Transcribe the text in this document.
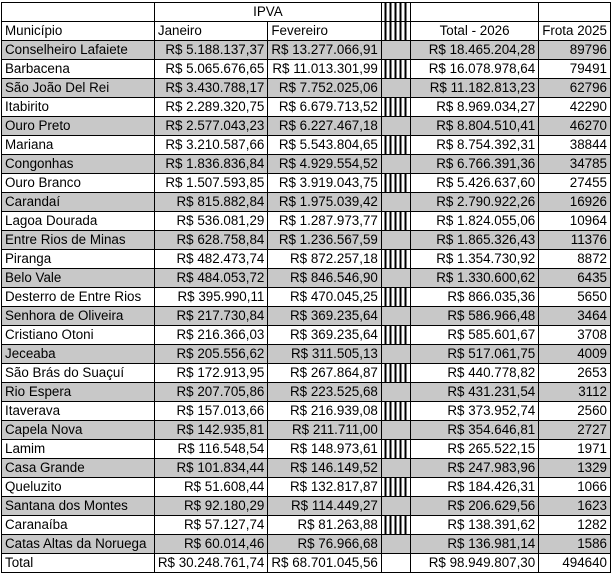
	IPVA				
Município	Janeiro	Fevereiro		Total - 2026	Frota 2025
Conselheiro Lafaiete	R$ 5.188.137,37	R$ 13.277.066,91		R$ 18.465.204,28	89796
Barbacena	R$ 5.065.676,65	R$ 11.013.301,99		R$ 16.078.978,64	79491
São João Del Rei	R$ 3.430.788,17	R$ 7.752.025,06		R$ 11.182.813,23	62796
Itabirito	R$ 2.289.320,75	R$ 6.679.713,52		R$ 8.969.034,27	42290
Ouro Preto	R$ 2.577.043,23	R$ 6.227.467,18		R$ 8.804.510,41	46270
Mariana	R$ 3.210.587,66	R$ 5.543.804,65		R$ 8.754.392,31	38844
Congonhas	R$ 1.836.836,84	R$ 4.929.554,52		R$ 6.766.391,36	34785
Ouro Branco	R$ 1.507.593,85	R$ 3.919.043,75		R$ 5.426.637,60	27455
Carandaí	R$ 815.882,84	R$ 1.975.039,42		R$ 2.790.922,26	16926
Lagoa Dourada	R$ 536.081,29	R$ 1.287.973,77		R$ 1.824.055,06	10964
Entre Rios de Minas	R$ 628.758,84	R$ 1.236.567,59		R$ 1.865.326,43	11376
Piranga	R$ 482.473,74	R$ 872.257,18		R$ 1.354.730,92	8872
Belo Vale	R$ 484.053,72	R$ 846.546,90		R$ 1.330.600,62	6435
Desterro de Entre Rios	R$ 395.990,11	R$ 470.045,25		R$ 866.035,36	5650
Senhora de Oliveira	R$ 217.730,84	R$ 369.235,64		R$ 586.966,48	3464
Cristiano Otoni	R$ 216.366,03	R$ 369.235,64		R$ 585.601,67	3708
Jeceaba	R$ 205.556,62	R$ 311.505,13		R$ 517.061,75	4009
São Brás do Suaçuí	R$ 172.913,95	R$ 267.864,87		R$ 440.778,82	2653
Rio Espera	R$ 207.705,86	R$ 223.525,68		R$ 431.231,54	3112
Itaverava	R$ 157.013,66	R$ 216.939,08		R$ 373.952,74	2560
Capela Nova	R$ 142.935,81	R$ 211.711,00		R$ 354.646,81	2727
Lamim	R$ 116.548,54	R$ 148.973,61		R$ 265.522,15	1971
Casa Grande	R$ 101.834,44	R$ 146.149,52		R$ 247.983,96	1329
Queluzito	R$ 51.608,44	R$ 132.817,87		R$ 184.426,31	1066
Santana dos Montes	R$ 92.180,29	R$ 114.449,27		R$ 206.629,56	1623
Caranaíba	R$ 57.127,74	R$ 81.263,88		R$ 138.391,62	1282
Catas Altas da Noruega	R$ 60.014,46	R$ 76.966,68		R$ 136.981,14	1586
Total	R$ 30.248.761,74	R$ 68.701.045,56		R$ 98.949.807,30	494640
